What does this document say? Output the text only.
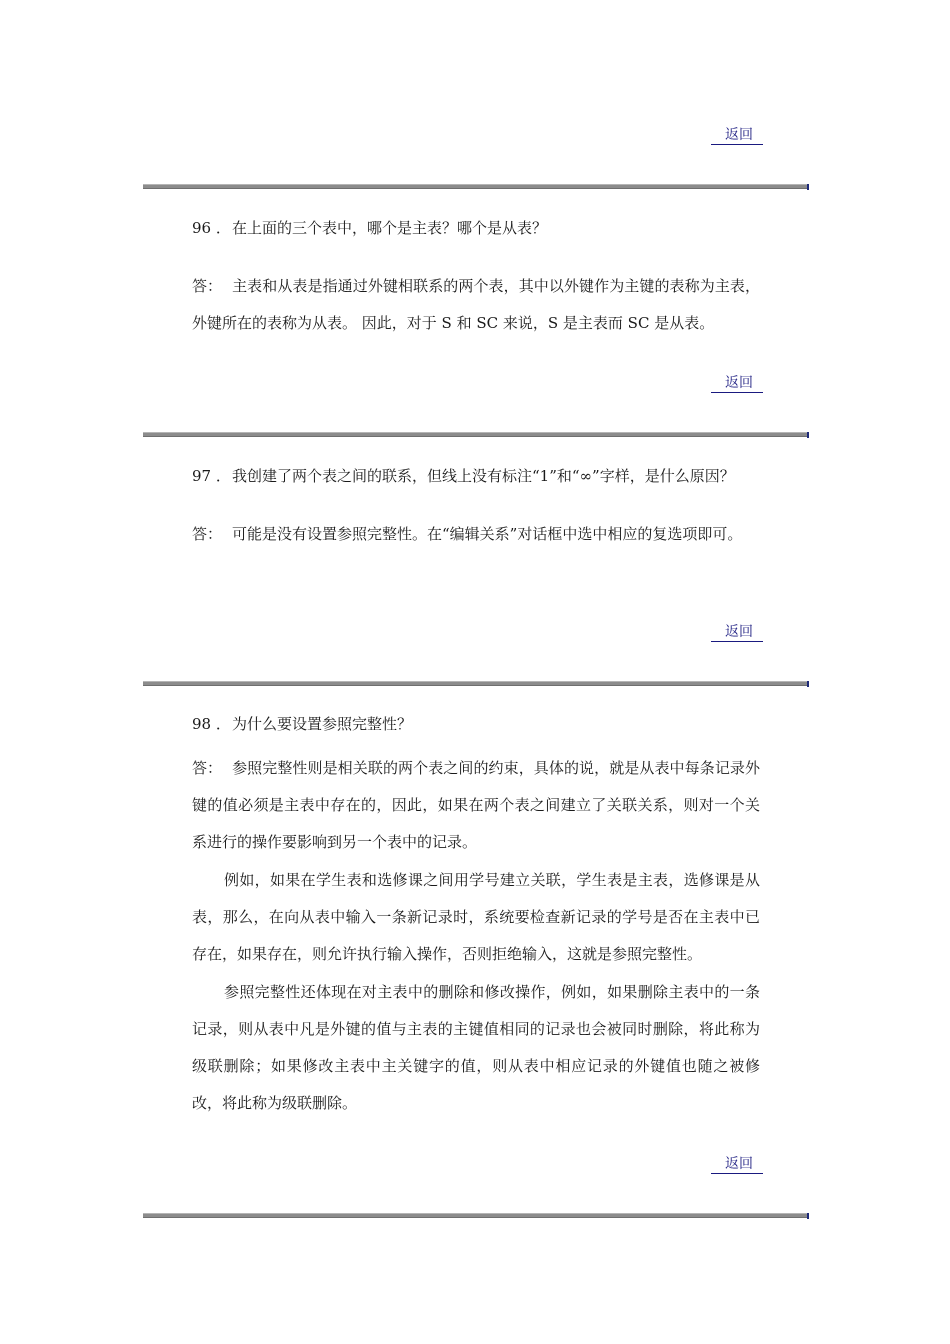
返回
96 ．在上面的三个表中，哪个是主表？哪个是从表？
答： 主表和从表是指通过外键相联系的两个表，其中以外键作为主键的表称为主表，外键所在的表称为从表。 因此，对于 S 和 SC 来说，S 是主表而 SC 是从表。
返回
97 ．我创建了两个表之间的联系，但线上没有标注“1”和“∞”字样，是什么原因？
答： 可能是没有设置参照完整性。在“编辑关系”对话框中选中相应的复选项即可。
返回
98 ．为什么要设置参照完整性？
答： 参照完整性则是相关联的两个表之间的约束，具体的说，就是从表中每条记录外键的值必须是主表中存在的，因此，如果在两个表之间建立了关联关系，则对一个关系进行的操作要影响到另一个表中的记录。
例如，如果在学生表和选修课之间用学号建立关联，学生表是主表，选修课是从表，那么，在向从表中输入一条新记录时，系统要检查新记录的学号是否在主表中已存在，如果存在，则允许执行输入操作，否则拒绝输入，这就是参照完整性。
参照完整性还体现在对主表中的删除和修改操作，例如，如果删除主表中的一条记录，则从表中凡是外键的值与主表的主键值相同的记录也会被同时删除，将此称为级联删除；如果修改主表中主关键字的值，则从表中相应记录的外键值也随之被修改，将此称为级联删除。
返回
